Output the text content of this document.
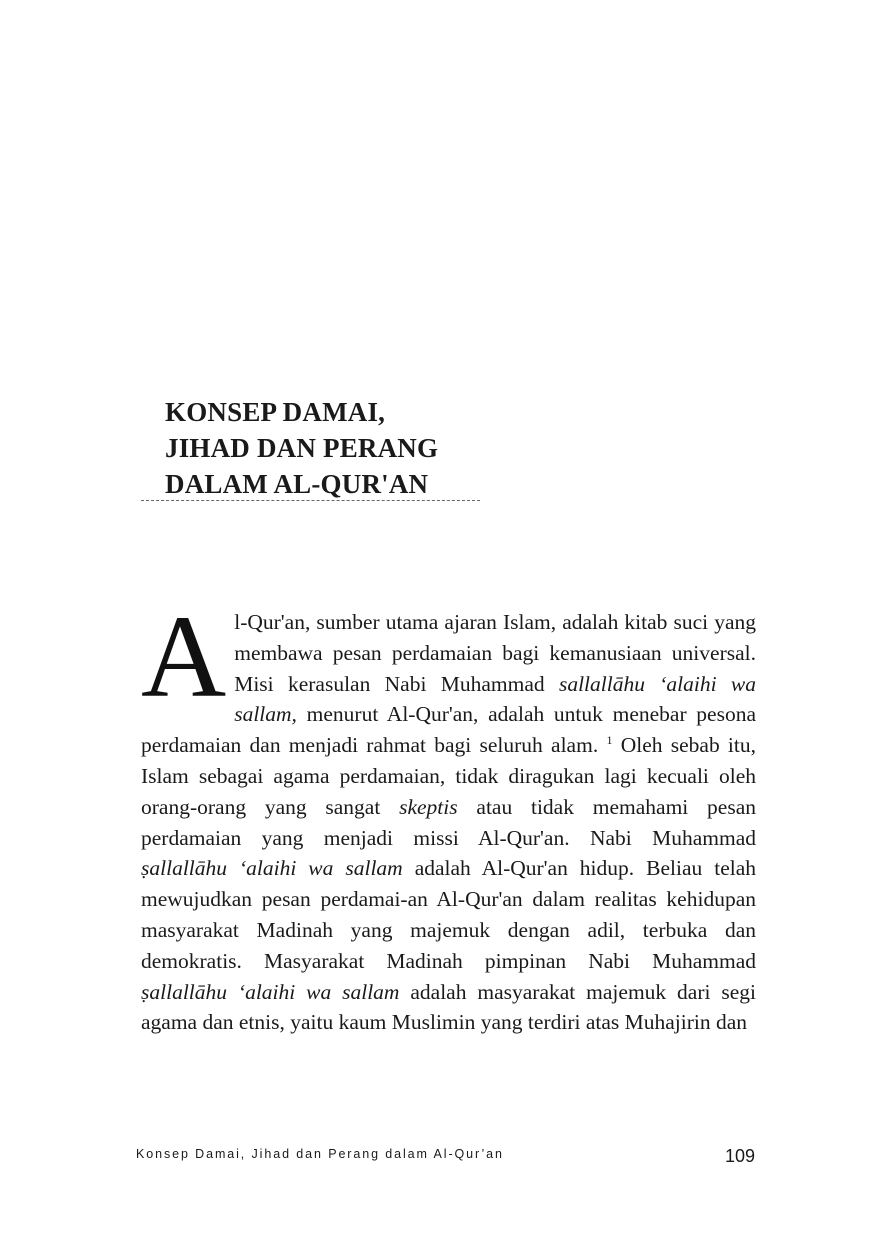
KONSEP DAMAI,
JIHAD DAN PERANG
DALAM AL-QUR'AN

A l-Qur'an, sumber utama ajaran Islam, adalah kitab suci yang membawa pesan perdamaian bagi kemanusiaan universal. Misi kerasulan Nabi Muhammad sallallāhu ‘alaihi wa sallam, menurut Al-Qur'an, adalah untuk menebar pesona perdamaian dan menjadi rahmat bagi seluruh alam. $^1$ Oleh sebab itu, Islam sebagai agama perdamaian, tidak diragukan lagi kecuali oleh orang-orang yang sangat skeptis atau tidak memahami pesan perdamaian yang menjadi missi Al-Qur'an. Nabi Muhammad ṣallallāhu ‘alaihi wa sallam adalah Al-Qur'an hidup. Beliau telah mewujudkan pesan perdamai-an Al-Qur'an dalam realitas kehidupan masyarakat Madinah yang majemuk dengan adil, terbuka dan demokratis. Masyarakat Madinah pimpinan Nabi Muhammad ṣallallāhu ‘alaihi wa sallam adalah masyarakat majemuk dari segi agama dan etnis, yaitu kaum Muslimin yang terdiri atas Muhajirin dan

Konsep Damai, Jihad dan Perang dalam Al-Qur’an	109
